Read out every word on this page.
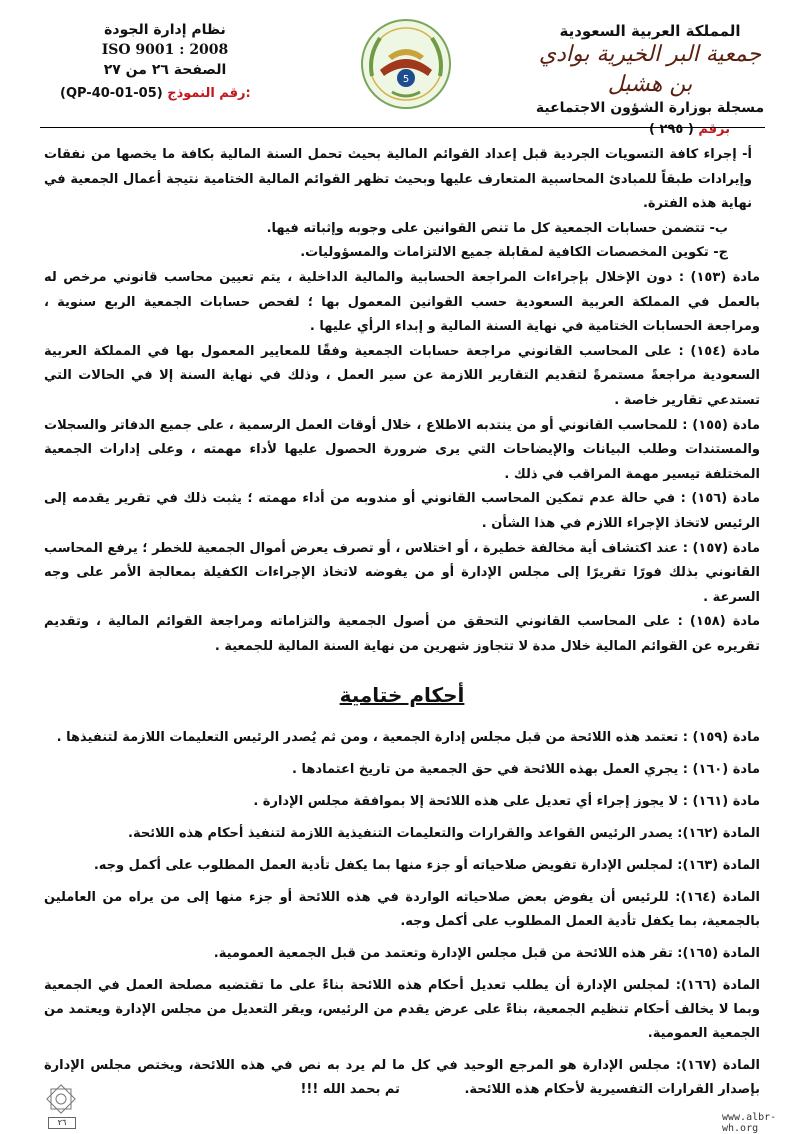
المملكة العربية السعودية
جمعية البر الخيرية بوادي بن هشبل
مسجلة بوزارة الشؤون الاجتماعية
برقم ( ٢٩٥ )
5
نظام إدارة الجودة
ISO 9001 : 2008
الصفحة ٢٦ من ٢٧
(QP-40-01-05) رقم النموذج:

أ‌- إجراء كافة التسويات الجردية قبل إعداد القوائم المالية بحيث تحمل السنة المالية بكافة ما يخصها من نفقات وإيرادات طبقاً للمبادئ المحاسبية المتعارف عليها وبحيث تظهر القوائم المالية الختامية نتيجة أعمال الجمعية في نهاية هذه الفترة.

ب- تتضمن حسابات الجمعية كل ما تنص القوانين على وجوبه وإثباته فيها.

ج- تكوين المخصصات الكافية لمقابلة جميع الالتزامات والمسؤوليات.

مادة (١٥٣) : دون الإخلال بإجراءات المراجعة الحسابية والمالية الداخلية ، يتم تعيين محاسب قانوني مرخص له بالعمل في المملكة العربية السعودية حسب القوانين المعمول بها ؛ لفحص حسابات الجمعية الربع سنوية ، ومراجعة الحسابات الختامية في نهاية السنة المالية و إبداء الرأي عليها .

مادة (١٥٤) : على المحاسب القانوني مراجعة حسابات الجمعية وفقًا للمعايير المعمول بها في المملكة العربية السعودية مراجعةً مستمرةً لتقديم التقارير اللازمة عن سير العمل ، وذلك في نهاية السنة إلا في الحالات التي تستدعي تقارير خاصة .

مادة (١٥٥) : للمحاسب القانوني أو من ينتدبه الاطلاع ، خلال أوقات العمل الرسمية ، على جميع الدفاتر والسجلات والمستندات وطلب البيانات والإيضاحات التي يرى ضرورة الحصول عليها لأداء مهمته ، وعلى إدارات الجمعية المختلفة تيسير مهمة المراقب في ذلك .

مادة (١٥٦) : في حالة عدم تمكين المحاسب القانوني أو مندوبه من أداء مهمته ؛ يثبت ذلك في تقرير يقدمه إلى الرئيس لاتخاذ الإجراء اللازم في هذا الشأن .

مادة (١٥٧) : عند اكتشاف أية مخالفة خطيرة ، أو اختلاس ، أو تصرف يعرض أموال الجمعية للخطر ؛ يرفع المحاسب القانوني بذلك فورًا تقريرًا إلى مجلس الإدارة أو من يفوضه لاتخاذ الإجراءات الكفيلة بمعالجة الأمر على وجه السرعة .

مادة (١٥٨) : على المحاسب القانوني التحقق من أصول الجمعية والتزاماته ومراجعة القوائم المالية ، وتقديم تقريره عن القوائم المالية خلال مدة لا تتجاوز شهرين من نهاية السنة المالية للجمعية .

أحكام ختامية

مادة (١٥٩) : تعتمد هذه اللائحة من قبل مجلس إدارة الجمعية ، ومن ثم يُصدر الرئيس التعليمات اللازمة لتنفيذها .

مادة (١٦٠) : يجري العمل بهذه اللائحة في حق الجمعية من تاريخ اعتمادها .

مادة (١٦١) : لا يجوز إجراء أي تعديل على هذه اللائحة إلا بموافقة مجلس الإدارة .

المادة (١٦٢): يصدر الرئيس القواعد والقرارات والتعليمات التنفيذية اللازمة لتنفيذ أحكام هذه اللائحة.

المادة (١٦٣): لمجلس الإدارة تفويض صلاحياته أو جزء منها بما يكفل تأدية العمل المطلوب على أكمل وجه.

المادة (١٦٤): للرئيس أن يفوض بعض صلاحياته الواردة في هذه اللائحة أو جزء منها إلى من يراه من العاملين بالجمعية، بما يكفل تأدية العمل المطلوب على أكمل وجه.

المادة (١٦٥): تقر هذه اللائحة من قبل مجلس الإدارة وتعتمد من قبل الجمعية العمومية.

المادة (١٦٦): لمجلس الإدارة أن يطلب تعديل أحكام هذه اللائحة بناءً على ما تقتضيه مصلحة العمل في الجمعية وبما لا يخالف أحكام تنظيم الجمعية، بناءً على عرض يقدم من الرئيس، ويقر التعديل من مجلس الإدارة ويعتمد من الجمعية العمومية.

المادة (١٦٧): مجلس الإدارة هو المرجع الوحيد في كل ما لم يرد به نص في هذه اللائحة، ويختص مجلس الإدارة بإصدار القرارات التفسيرية لأحكام هذه اللائحة. تم بحمد الله !!!

٢٦	www.albr-wh.org
